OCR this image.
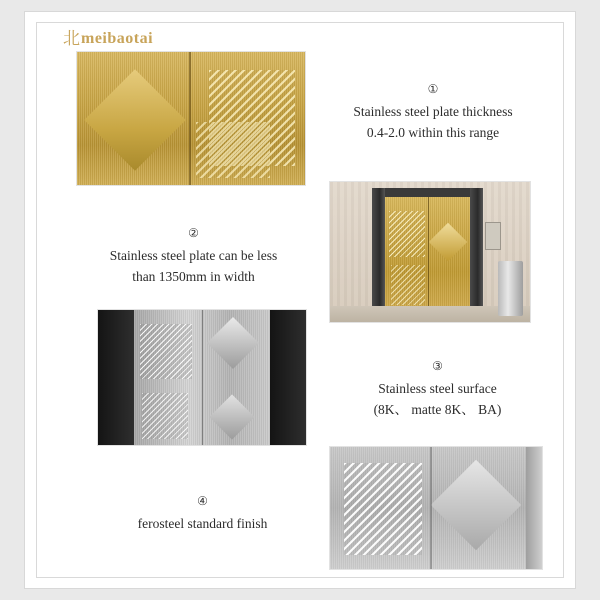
北 meibaotai
①
Stainless steel plate thickness
0.4-2.0 within this range
②
Stainless steel plate can be less
than 1350mm in width
③
Stainless steel surface
(8K、 matte 8K、 BA)
④
ferosteel standard finish
